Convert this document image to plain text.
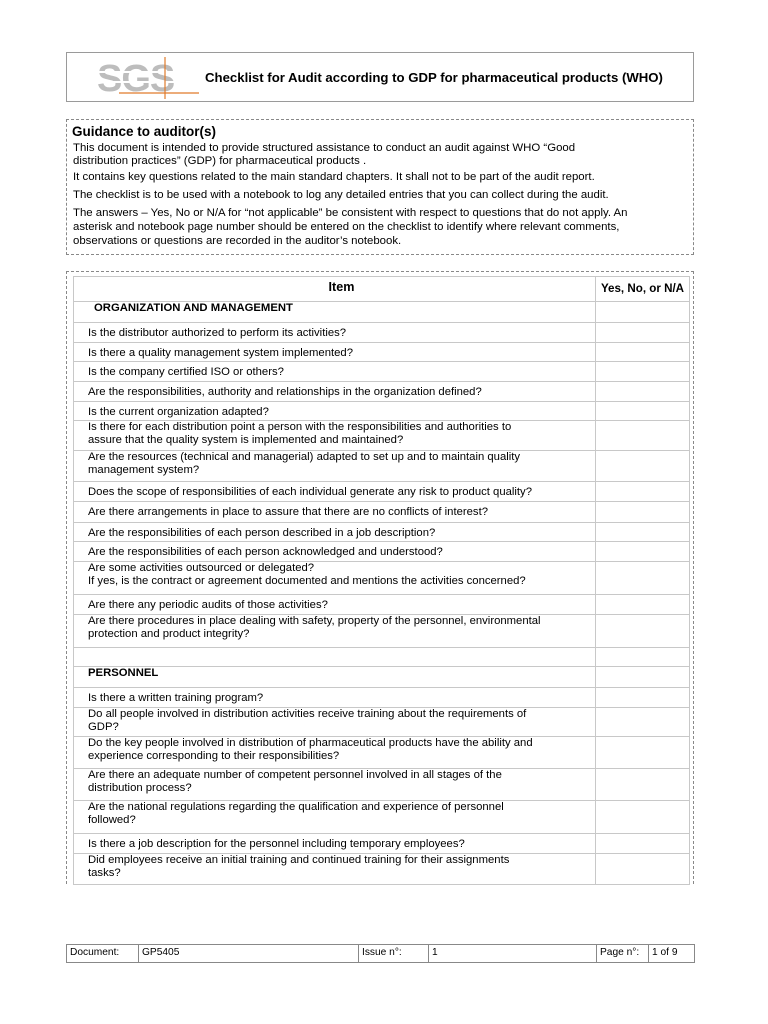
SGS Checklist for Audit according to GDP for pharmaceutical products (WHO)
Guidance to auditor(s)
This document is intended to provide structured assistance to conduct an audit against WHO “Good
distribution practices” (GDP) for pharmaceutical products .
It contains key questions related to the main standard chapters. It shall not to be part of the audit report.
The checklist is to be used with a notebook to log any detailed entries that you can collect during the audit.
The answers – Yes, No or N/A for “not applicable” be consistent with respect to questions that do not apply. An
asterisk and notebook page number should be entered on the checklist to identify where relevant comments,
observations or questions are recorded in the auditor’s notebook.
Item	Yes, No, or N/A
ORGANIZATION AND MANAGEMENT	

Is the distributor authorized to perform its activities?	

Is there a quality management system implemented?	

Is the company certified ISO or others?	

Are the responsibilities, authority and relationships in the organization defined?	

Is the current organization adapted?	

Is there for each distribution point a person with the responsibilities and authorities to
assure that the quality system is implemented and maintained?	

Are the resources (technical and managerial) adapted to set up and to maintain quality
management system?	

Does the scope of responsibilities of each individual generate any risk to product quality?	

Are there arrangements in place to assure that there are no conflicts of interest?	

Are the responsibilities of each person described in a job description?	

Are the responsibilities of each person acknowledged and understood?	

Are some activities outsourced or delegated?
If yes, is the contract or agreement documented and mentions the activities concerned?	

Are there any periodic audits of those activities?	

Are there procedures in place dealing with safety, property of the personnel, environmental
protection and product integrity?	

PERSONNEL	

Is there a written training program?	

Do all people involved in distribution activities receive training about the requirements of
GDP?	

Do the key people involved in distribution of pharmaceutical products have the ability and
experience corresponding to their responsibilities?	

Are there an adequate number of competent personnel involved in all stages of the
distribution process?	

Are the national regulations regarding the qualification and experience of personnel
followed?	

Is there a job description for the personnel including temporary employees?	

Did employees receive an initial training and continued training for their assignments
tasks?	

Document:	GP5405	Issue n°:	1	Page n°:	1 of 9
